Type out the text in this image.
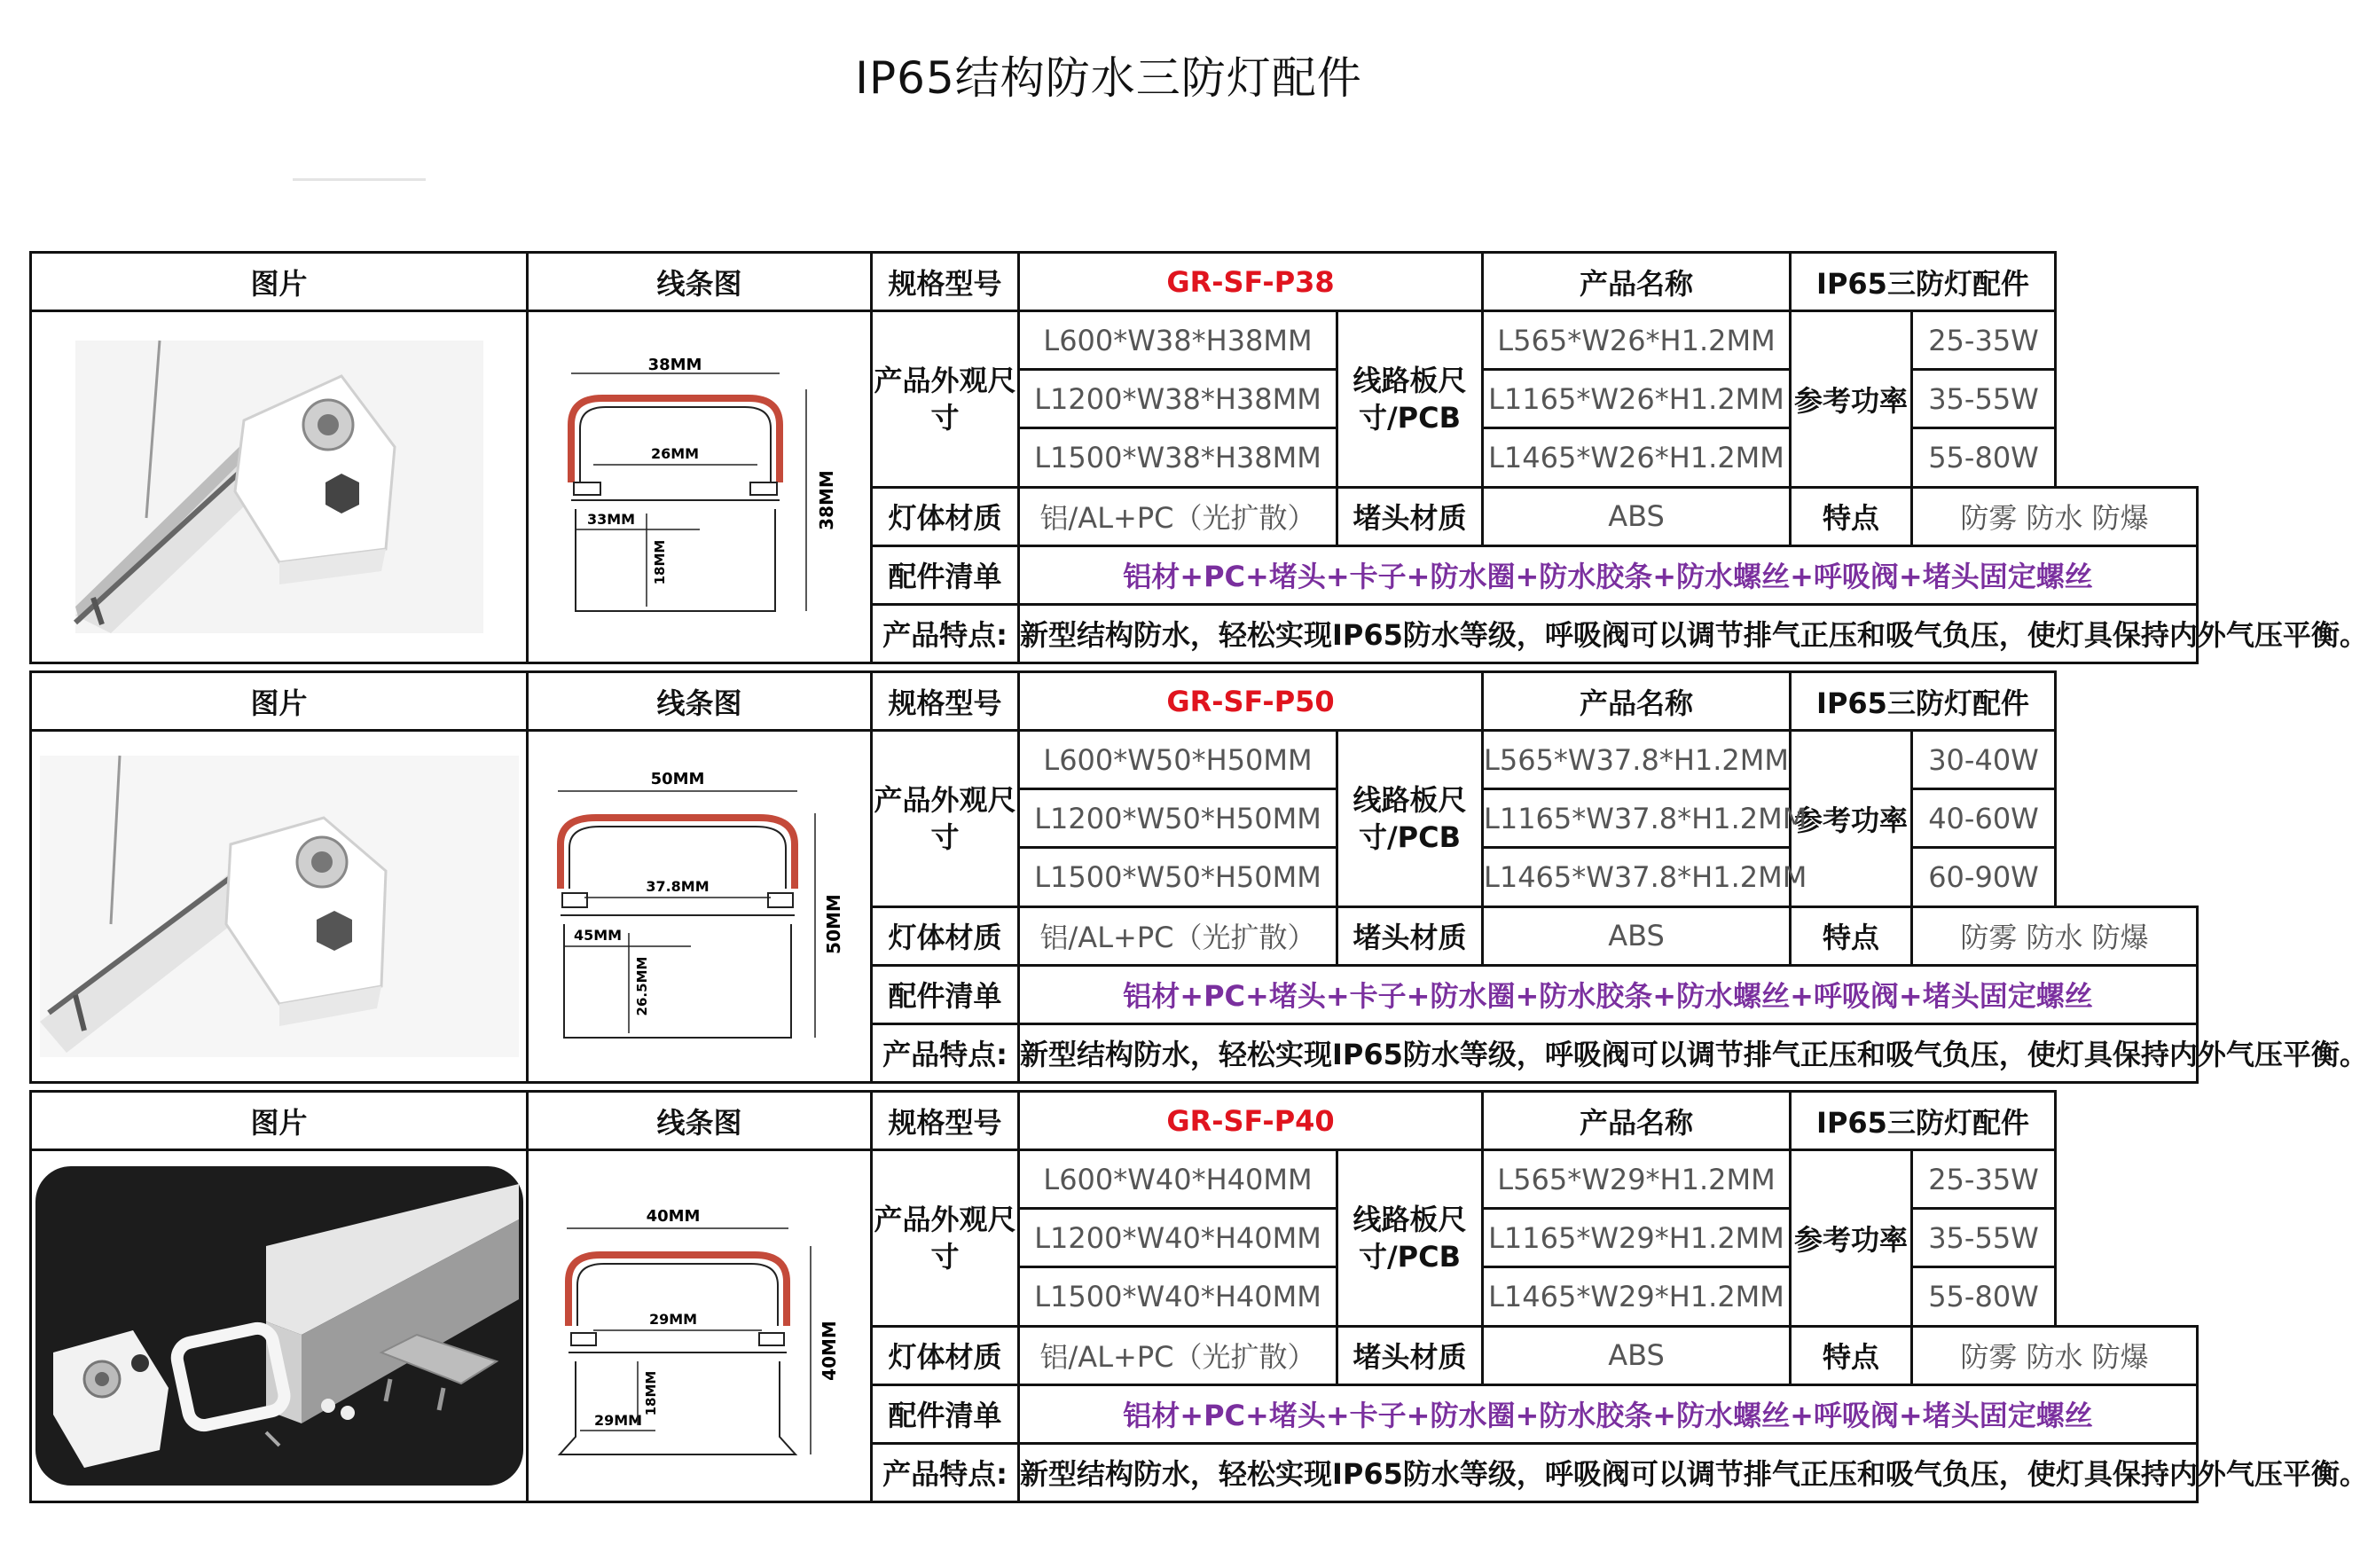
IP65结构防水三防灯配件
图片	线条图	规格型号	GR-SF-P38		产品名称	IP65三防灯配件		

38MM
26MM
33MM
18MM
38MM	产品外观尺寸	L600*W38*H38MM	线路板尺寸/PCB	L565*W26*H1.2MM	参考功率	25-35W	
			L1200*W38*H38MM		L1165*W26*H1.2MM		35-55W	
			L1500*W38*H38MM		L1465*W26*H1.2MM		55-80W	
		灯体材质	铝/AL+PC（光扩散）	堵头材质	ABS	特点	防雾 防水 防爆	
		配件清单	铝材+PC+堵头+卡子+防水圈+防水胶条+防水螺丝+呼吸阀+堵头固定螺丝					
		产品特点:	新型结构防水，轻松实现IP65防水等级，呼吸阀可以调节排气正压和吸气负压，使灯具保持内外气压平衡。					
图片	线条图	规格型号	GR-SF-P50		产品名称	IP65三防灯配件		

50MM
37.8MM
45MM
26.5MM
50MM	产品外观尺寸	L600*W50*H50MM	线路板尺寸/PCB	L565*W37.8*H1.2MM	参考功率	30-40W	
			L1200*W50*H50MM		L1165*W37.8*H1.2MM		40-60W	
			L1500*W50*H50MM		L1465*W37.8*H1.2MM		60-90W	
		灯体材质	铝/AL+PC（光扩散）	堵头材质	ABS	特点	防雾 防水 防爆	
		配件清单	铝材+PC+堵头+卡子+防水圈+防水胶条+防水螺丝+呼吸阀+堵头固定螺丝					
		产品特点:	新型结构防水，轻松实现IP65防水等级，呼吸阀可以调节排气正压和吸气负压，使灯具保持内外气压平衡。					
图片	线条图	规格型号	GR-SF-P40		产品名称	IP65三防灯配件		

40MM
29MM
29MM
18MM
40MM	产品外观尺寸	L600*W40*H40MM	线路板尺寸/PCB	L565*W29*H1.2MM	参考功率	25-35W	
			L1200*W40*H40MM		L1165*W29*H1.2MM		35-55W	
			L1500*W40*H40MM		L1465*W29*H1.2MM		55-80W	
		灯体材质	铝/AL+PC（光扩散）	堵头材质	ABS	特点	防雾 防水 防爆	
		配件清单	铝材+PC+堵头+卡子+防水圈+防水胶条+防水螺丝+呼吸阀+堵头固定螺丝					
		产品特点:	新型结构防水，轻松实现IP65防水等级，呼吸阀可以调节排气正压和吸气负压，使灯具保持内外气压平衡。					
